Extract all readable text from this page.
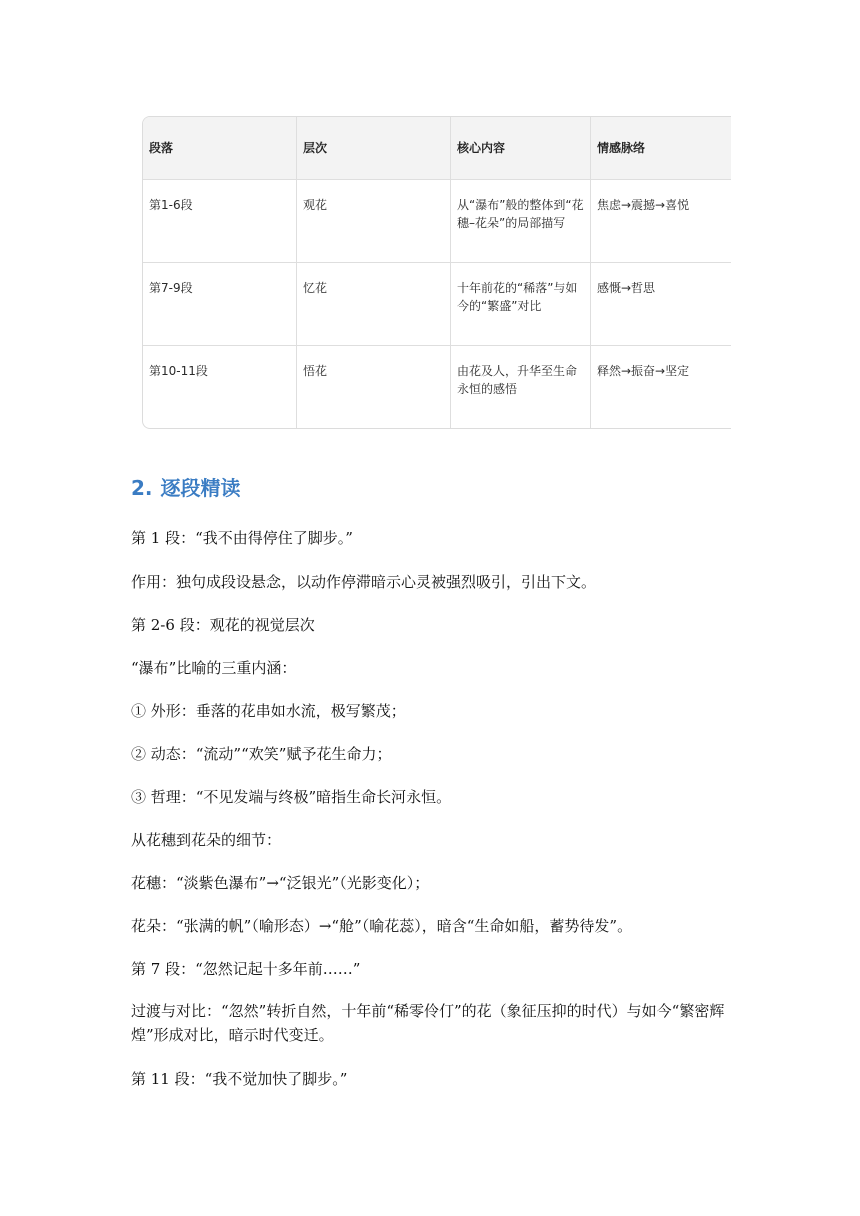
段落	层次	核心内容	情感脉络
第1-6段	观花	从“瀑布”般的整体到“花穗–花朵”的局部描写	焦虑→震撼→喜悦
第7-9段	忆花	十年前花的“稀落”与如今的“繁盛”对比	感慨→哲思
第10-11段	悟花	由花及人，升华至生命永恒的感悟	释然→振奋→坚定
2. 逐段精读
第 1 段：“我不由得停住了脚步。”
作用：独句成段设悬念，以动作停滞暗示心灵被强烈吸引，引出下文。
第 2-6 段：观花的视觉层次
“瀑布”比喻的三重内涵：
① 外形：垂落的花串如水流，极写繁茂；
② 动态：“流动”“欢笑”赋予花生命力；
③ 哲理：“不见发端与终极”暗指生命长河永恒。
从花穗到花朵的细节：
花穗：“淡紫色瀑布”→“泛银光”（光影变化）；
花朵：“张满的帆”（喻形态）→“舱”（喻花蕊），暗含“生命如船，蓄势待发”。
第 7 段：“忽然记起十多年前……”
过渡与对比：“忽然”转折自然，十年前“稀零伶仃”的花（象征压抑的时代）与如今“繁密辉煌”形成对比，暗示时代变迁。
第 11 段：“我不觉加快了脚步。”
